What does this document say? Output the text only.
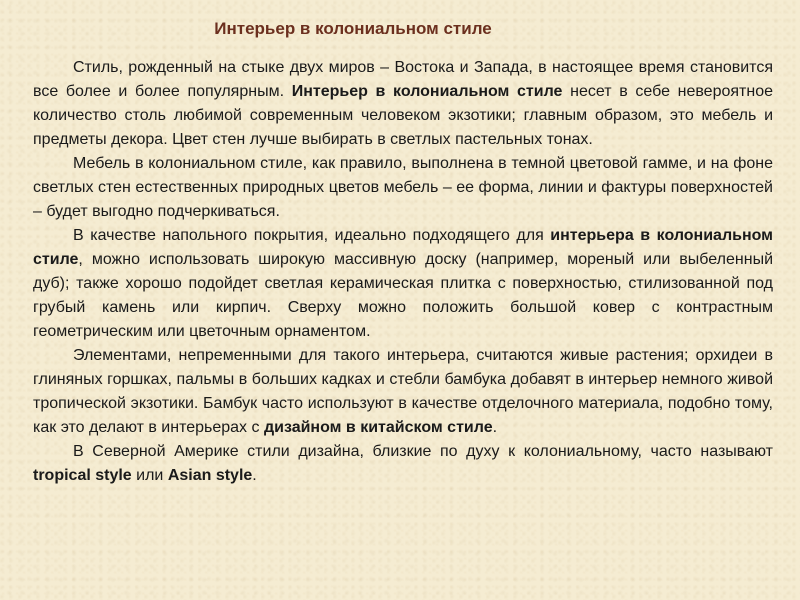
Интерьер в колониальном стиле

Стиль, рожденный на стыке двух миров – Востока и Запада, в настоящее время становится все более и более популярным. Интерьер в колониальном стиле несет в себе невероятное количество столь любимой современным человеком экзотики; главным образом, это мебель и предметы декора. Цвет стен лучше выбирать в светлых пастельных тонах.

Мебель в колониальном стиле, как правило, выполнена в темной цветовой гамме, и на фоне светлых стен естественных природных цветов мебель – ее форма, линии и фактуры поверхностей – будет выгодно подчеркиваться.

В качестве напольного покрытия, идеально подходящего для интерьера в колониальном стиле, можно использовать широкую массивную доску (например, мореный или выбеленный дуб); также хорошо подойдет светлая керамическая плитка с поверхностью, стилизованной под грубый камень или кирпич. Сверху можно положить большой ковер с контрастным геометрическим или цветочным орнаментом.

Элементами, непременными для такого интерьера, считаются живые растения; орхидеи в глиняных горшках, пальмы в больших кадках и стебли бамбука добавят в интерьер немного живой тропической экзотики. Бамбук часто используют в качестве отделочного материала, подобно тому, как это делают в интерьерах с дизайном в китайском стиле.

В Северной Америке стили дизайна, близкие по духу к колониальному, часто называют tropical style или Asian style.
